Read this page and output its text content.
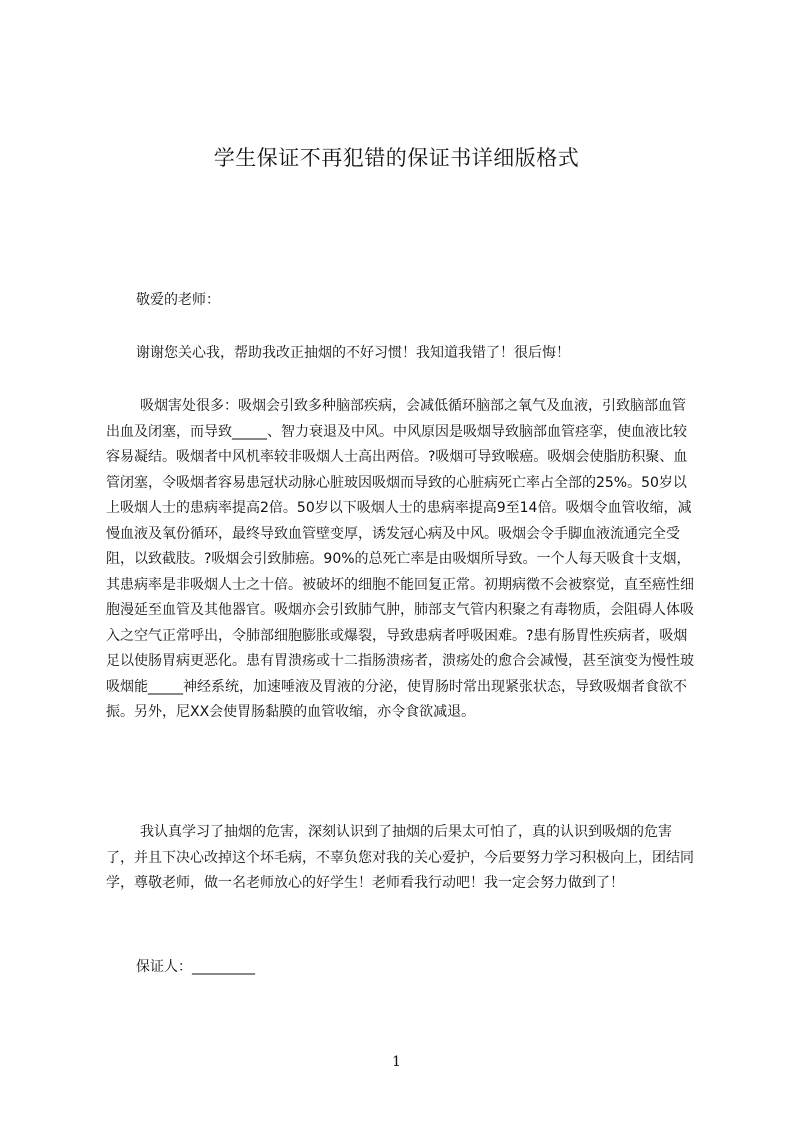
学生保证不再犯错的保证书详细版格式

敬爱的老师：

谢谢您关心我，帮助我改正抽烟的不好习惯！我知道我错了！很后悔！

吸烟害处很多：吸烟会引致多种脑部疾病，会减低循环脑部之氧气及血液，引致脑部血管出血及闭塞，而导致_____、智力衰退及中风。中风原因是吸烟导致脑部血管痉挛，使血液比较容易凝结。吸烟者中风机率较非吸烟人士高出两倍。?吸烟可导致喉癌。吸烟会使脂肪积聚、血管闭塞，令吸烟者容易患冠状动脉心脏玻因吸烟而导致的心脏病死亡率占全部的25%。50岁以上吸烟人士的患病率提高2倍。50岁以下吸烟人士的患病率提高9至14倍。吸烟令血管收缩，减慢血液及氧份循环，最终导致血管壁变厚，诱发冠心病及中风。吸烟会令手脚血液流通完全受阻，以致截肢。?吸烟会引致肺癌。90%的总死亡率是由吸烟所导致。一个人每天吸食十支烟，其患病率是非吸烟人士之十倍。被破坏的细胞不能回复正常。初期病徵不会被察觉，直至癌性细胞漫延至血管及其他器官。吸烟亦会引致肺气肿，肺部支气管内积聚之有毒物质，会阻碍人体吸入之空气正常呼出，令肺部细胞膨胀或爆裂，导致患病者呼吸困难。?患有肠胃性疾病者，吸烟足以使肠胃病更恶化。患有胃溃疡或十二指肠溃疡者，溃疡处的愈合会减慢，甚至演变为慢性玻吸烟能_____神经系统，加速唾液及胃液的分泌，使胃肠时常出现紧张状态，导致吸烟者食欲不振。另外，尼XX会使胃肠黏膜的血管收缩，亦令食欲减退。

我认真学习了抽烟的危害，深刻认识到了抽烟的后果太可怕了，真的认识到吸烟的危害了，并且下决心改掉这个坏毛病，不辜负您对我的关心爱护，今后要努力学习积极向上，团结同学，尊敬老师，做一名老师放心的好学生！老师看我行动吧！我一定会努力做到了！

保证人：_________

1
